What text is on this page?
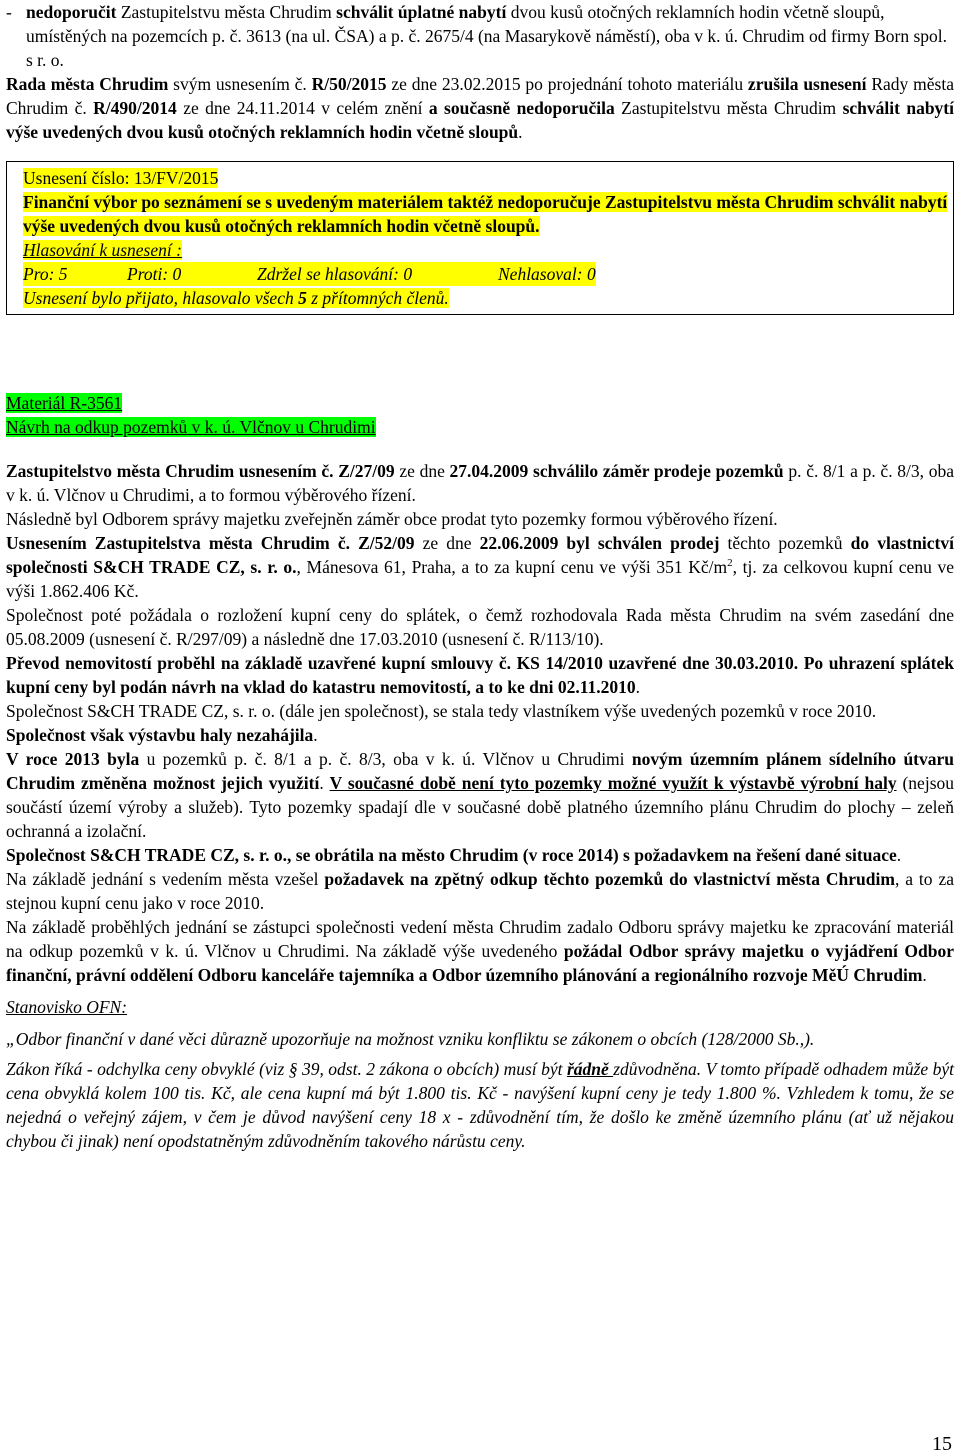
- nedoporučit Zastupitelstvu města Chrudim schválit úplatné nabytí dvou kusů otočných reklamních hodin včetně sloupů, umístěných na pozemcích p. č. 3613 (na ul. ČSA) a p. č. 2675/4 (na Masarykově náměstí), oba v k. ú. Chrudim od firmy Born spol. s r. o.

Rada města Chrudim svým usnesením č. R/50/2015 ze dne 23.02.2015 po projednání tohoto materiálu zrušila usnesení Rady města Chrudim č. R/490/2014 ze dne 24.11.2014 v celém znění a současně nedoporučila Zastupitelstvu města Chrudim schválit nabytí výše uvedených dvou kusů otočných reklamních hodin včetně sloupů.

Usnesení číslo: 13/FV/2015
Finanční výbor po seznámení se s uvedeným materiálem taktéž nedoporučuje Zastupitelstvu města Chrudim schválit nabytí výše uvedených dvou kusů otočných reklamních hodin včetně sloupů.
Hlasování k usnesení :
Pro: 5	Proti: 0	Zdržel se hlasování: 0	Nehlasoval: 0
Usnesení bylo přijato, hlasovalo všech 5 z přítomných členů.
Materiál R-3561
Návrh na odkup pozemků v k. ú. Vlčnov u Chrudimi

Zastupitelstvo města Chrudim usnesením č. Z/27/09 ze dne 27.04.2009 schválilo záměr prodeje pozemků p. č. 8/1 a p. č. 8/3, oba v k. ú. Vlčnov u Chrudimi, a to formou výběrového řízení.

Následně byl Odborem správy majetku zveřejněn záměr obce prodat tyto pozemky formou výběrového řízení.

Usnesením Zastupitelstva města Chrudim č. Z/52/09 ze dne 22.06.2009 byl schválen prodej těchto pozemků do vlastnictví společnosti S&CH TRADE CZ, s. r. o., Mánesova 61, Praha, a to za kupní cenu ve výši 351 $Kč/m^2$, tj. za celkovou kupní cenu ve výši 1.862.406 Kč.

Společnost poté požádala o rozložení kupní ceny do splátek, o čemž rozhodovala Rada města Chrudim na svém zasedání dne 05.08.2009 (usnesení č. R/297/09) a následně dne 17.03.2010 (usnesení č. R/113/10).

Převod nemovitostí proběhl na základě uzavřené kupní smlouvy č. KS 14/2010 uzavřené dne 30.03.2010. Po uhrazení splátek kupní ceny byl podán návrh na vklad do katastru nemovitostí, a to ke dni 02.11.2010.

Společnost S&CH TRADE CZ, s. r. o. (dále jen společnost), se stala tedy vlastníkem výše uvedených pozemků v roce 2010.

Společnost však výstavbu haly nezahájila.

V roce 2013 byla u pozemků p. č. 8/1 a p. č. 8/3, oba v k. ú. Vlčnov u Chrudimi novým územním plánem sídelního útvaru Chrudim změněna možnost jejich využití. V současné době není tyto pozemky možné využít k výstavbě výrobní haly (nejsou součástí území výroby a služeb). Tyto pozemky spadají dle v současné době platného územního plánu Chrudim do plochy – zeleň ochranná a izolační.

Společnost S&CH TRADE CZ, s. r. o., se obrátila na město Chrudim (v roce 2014) s požadavkem na řešení dané situace.

Na základě jednání s vedením města vzešel požadavek na zpětný odkup těchto pozemků do vlastnictví města Chrudim, a to za stejnou kupní cenu jako v roce 2010.

Na základě proběhlých jednání se zástupci společnosti vedení města Chrudim zadalo Odboru správy majetku ke zpracování materiál na odkup pozemků v k. ú. Vlčnov u Chrudimi. Na základě výše uvedeného požádal Odbor správy majetku o vyjádření Odbor finanční, právní oddělení Odboru kanceláře tajemníka a Odbor územního plánování a regionálního rozvoje MěÚ Chrudim.

Stanovisko OFN:

„Odbor finanční v dané věci důrazně upozorňuje na možnost vzniku konfliktu se zákonem o obcích (128/2000 Sb.,).

Zákon říká - odchylka ceny obvyklé (viz § 39, odst. 2 zákona o obcích) musí být řádně zdůvodněna. V tomto případě odhadem může být cena obvyklá kolem 100 tis. Kč, ale cena kupní má být 1.800 tis. Kč - navýšení kupní ceny je tedy 1.800 %. Vzhledem k tomu, že se nejedná o veřejný zájem, v čem je důvod navýšení ceny 18 x - zdůvodnění tím, že došlo ke změně územního plánu (ať už nějakou chybou či jinak) není opodstatněným zdůvodněním takového nárůstu ceny.

15
